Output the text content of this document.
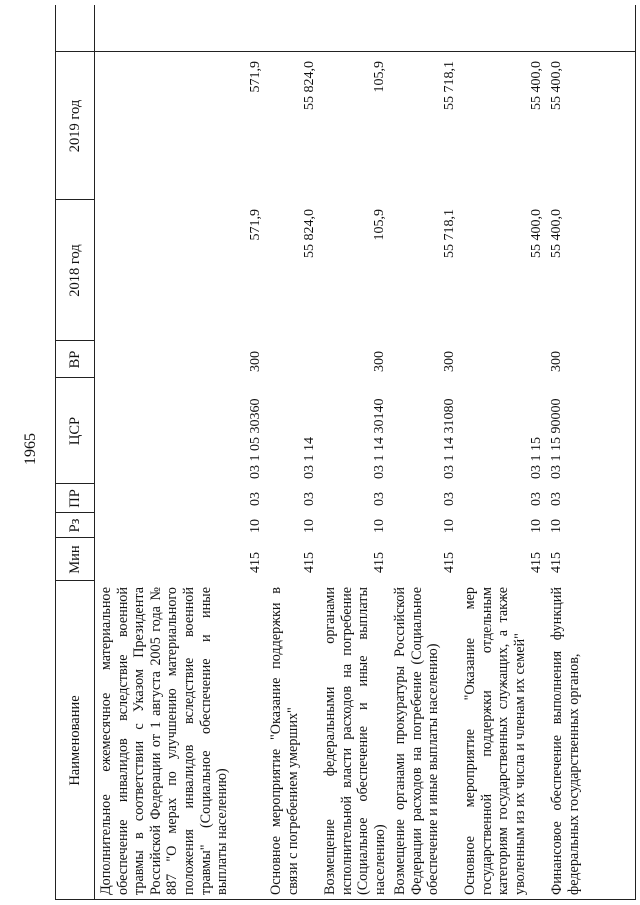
1965
Наименование
Мин
Рз
ПР
ЦСР
ВР
2018 год
2019 год
Дополнительное ежемесячное материальное обеспечение инвалидов вследствие военной травмы в соответствии с Указом Президента Российской Федерации от 1 августа 2005 года № 887 "О мерах по улучшению материального положения инвалидов вследствие военной травмы" (Социальное обеспечение и иные выплаты населению)
415
10
03
03 1 05 30360
300
571,9
571,9
Основное мероприятие "Оказание поддержки в связи с погребением умерших"
415
10
03
03 1 14
55 824,0
55 824,0
Возмещение федеральными органами исполнительной власти расходов на погребение (Социальное обеспечение и иные выплаты населению)
415
10
03
03 1 14 30140
300
105,9
105,9
Возмещение органами прокуратуры Российской Федерации расходов на погребение (Социальное обеспечение и иные выплаты населению)
415
10
03
03 1 14 31080
300
55 718,1
55 718,1
Основное мероприятие "Оказание мер государственной поддержки отдельным категориям государственных служащих, а также уволенным из их числа и членам их семей"
415
10
03
03 1 15
55 400,0
55 400,0
Финансовое обеспечение выполнения функций федеральных государственных органов,
415
10
03
03 1 15 90000
300
55 400,0
55 400,0
